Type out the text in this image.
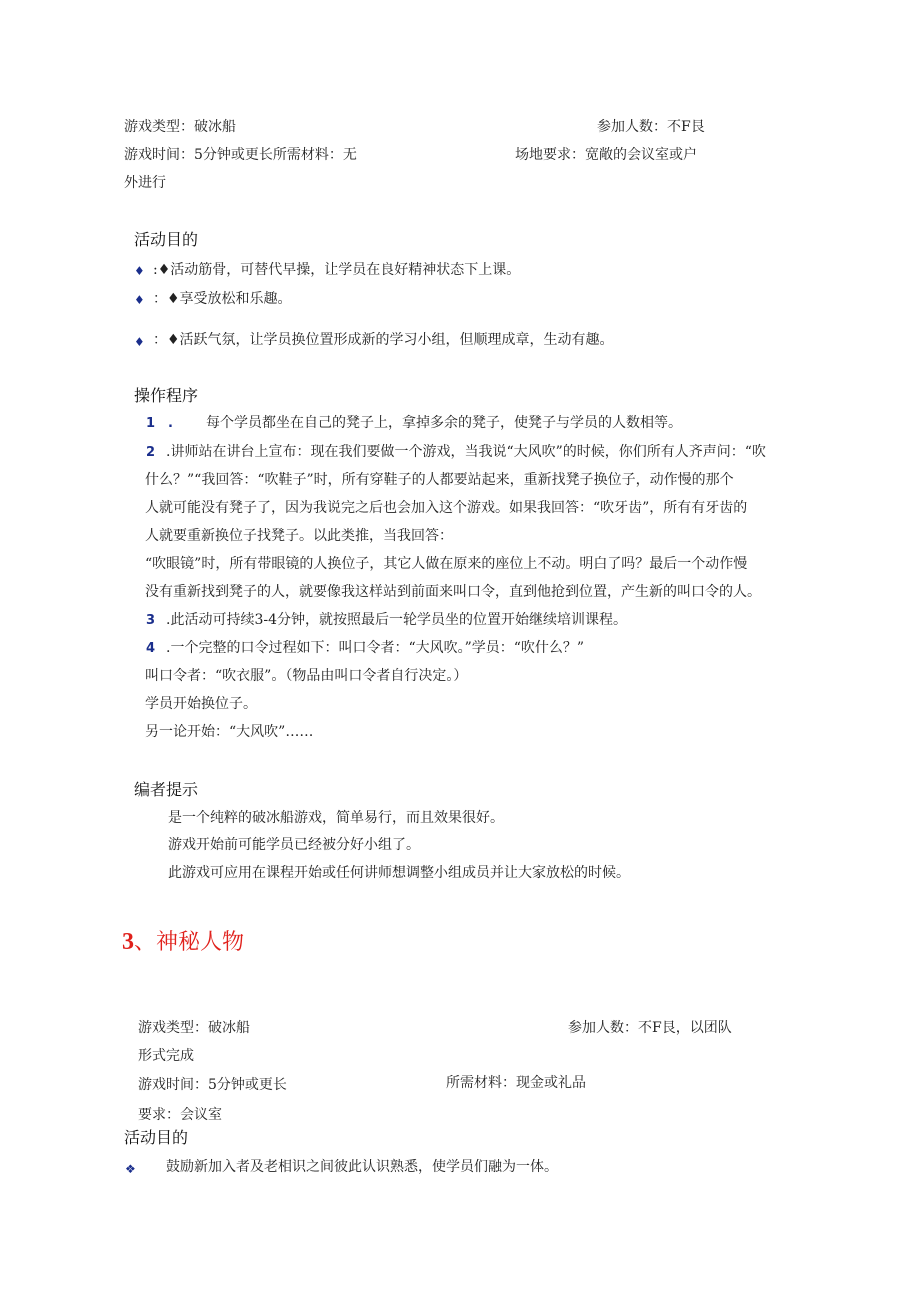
游戏类型：破冰船	参加人数：不F艮
游戏时间：5分钟或更长所需材料：无	场地要求：宽敞的会议室或户
外进行
活动目的
♦ :♦活动筋骨，可替代早操，让学员在良好精神状态下上课。
♦ ：♦享受放松和乐趣。
♦ ：♦活跃气氛，让学员换位置形成新的学习小组，但顺理成章，生动有趣。
操作程序
1　. 每个学员都坐在自己的凳子上，拿掉多余的凳子，使凳子与学员的人数相等。
2 .讲师站在讲台上宣布：现在我们要做一个游戏，当我说“大风吹”的时候，你们所有人齐声问：“吹
什么？”“我回答：“吹鞋子”时，所有穿鞋子的人都要站起来，重新找凳子换位子，动作慢的那个
人就可能没有凳子了，因为我说完之后也会加入这个游戏。如果我回答：“吹牙齿”，所有有牙齿的
人就要重新换位子找凳子。以此类推，当我回答：
“吹眼镜”时，所有带眼镜的人换位子，其它人做在原来的座位上不动。明白了吗？最后一个动作慢
没有重新找到凳子的人，就要像我这样站到前面来叫口令，直到他抢到位置，产生新的叫口令的人。
3 .此活动可持续3-4分钟，就按照最后一轮学员坐的位置开始继续培训课程。
4 .一个完整的口令过程如下：叫口令者：“大风吹。”学员：“吹什么？”
叫口令者：“吹衣服”。（物品由叫口令者自行决定。）
学员开始换位子。
另一论开始：“大风吹”……
编者提示
是一个纯粹的破冰船游戏，简单易行，而且效果很好。
游戏开始前可能学员已经被分好小组了。
此游戏可应用在课程开始或任何讲师想调整小组成员并让大家放松的时候。
3、神秘人物
游戏类型：破冰船	参加人数：不F艮，以团队
形式完成
游戏时间：5分钟或更长	所需材料：现金或礼品
要求：会议室
活动目的
❖ 鼓励新加入者及老相识之间彼此认识熟悉，使学员们融为一体。
